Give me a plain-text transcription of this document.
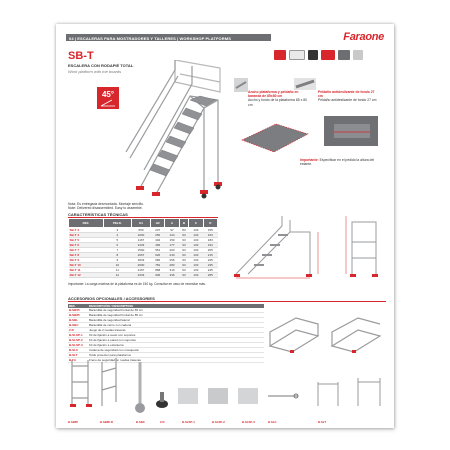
04 | ESCALERAS PARA MOSTRADORES Y TALLERES | WORKSHOP PLATFORMS	Faraone
SB-T
ESCALERA CON RODAPIÉ TOTAL
Work platform with toe boards
45°	Ancho plataforma y peldaño en baranda de 85x80 cm
Ancho y fondo de la plataforma 85 x 80 cm
Peldaño antideslizante de fondo 27 cm
Peldaño antideslizante de fondo 27 cm
Importante: Especificar en el pedido la altura del estante.
Nota: Es entregada desmontada. Montaje sencillo.
Note: Delivered disassembled. Easy to assemble.
CARACTERÍSTICAS TÉCNICAS
REF.	PELD.	H1	H2	A	B	C	D
SB-T 3	3	650	237	97	83	103	155
SB-T 4	4	1000	250	124	93	103	163
SB-T 5	5	1167	404	150	93	103	183
SB-T 6	6	1333	466	177	93	103	193
SB-T 7	7	1500	561	203	93	103	205
SB-T 8	8	1667	626	230	93	103	215
SB-T 9	9	1833	682	256	93	103	225
SB-T 10	10	2000	781	283	93	103	235
SB-T 11	11	2167	868	310	93	103	245
SB-T 12	12	2333	936	336	93	103	255
Importante: La carga máxima de la plataforma es de 150 kg. Consultar en caso de necesitar más.
ACCESORIOS OPCIONALES / ACCESSORIES
REF.	DESCRIPCIÓN / DESCRIPTION
B-SB65	Barandilla de seguridad frontal de 65 cm
B-SB85	Barandilla de seguridad frontal de 85 cm
B-SBL	Barandilla de seguridad lateral
B-SBC	Barandilla de cierre con cadena
2-R	Juego de 2 ruedas traseras
B-SLSP-1	Kit de fijación a suelo con soportes
B-SLSP-2	Kit de fijación a pared con soportes
B-SLSP-3	Kit de fijación a estantería
B-SLC	Cadena de seguridad con mosquetón
B-SLT	Toldo protector para plataforma
B-FA	Freno de seguridad en ruedas traseras
B-SB65	B-SB85-R	B-SBC	2-R	B-SLSP-1	B-SLSP-2	B-SLSP-3	B-SLC	B-SLT
